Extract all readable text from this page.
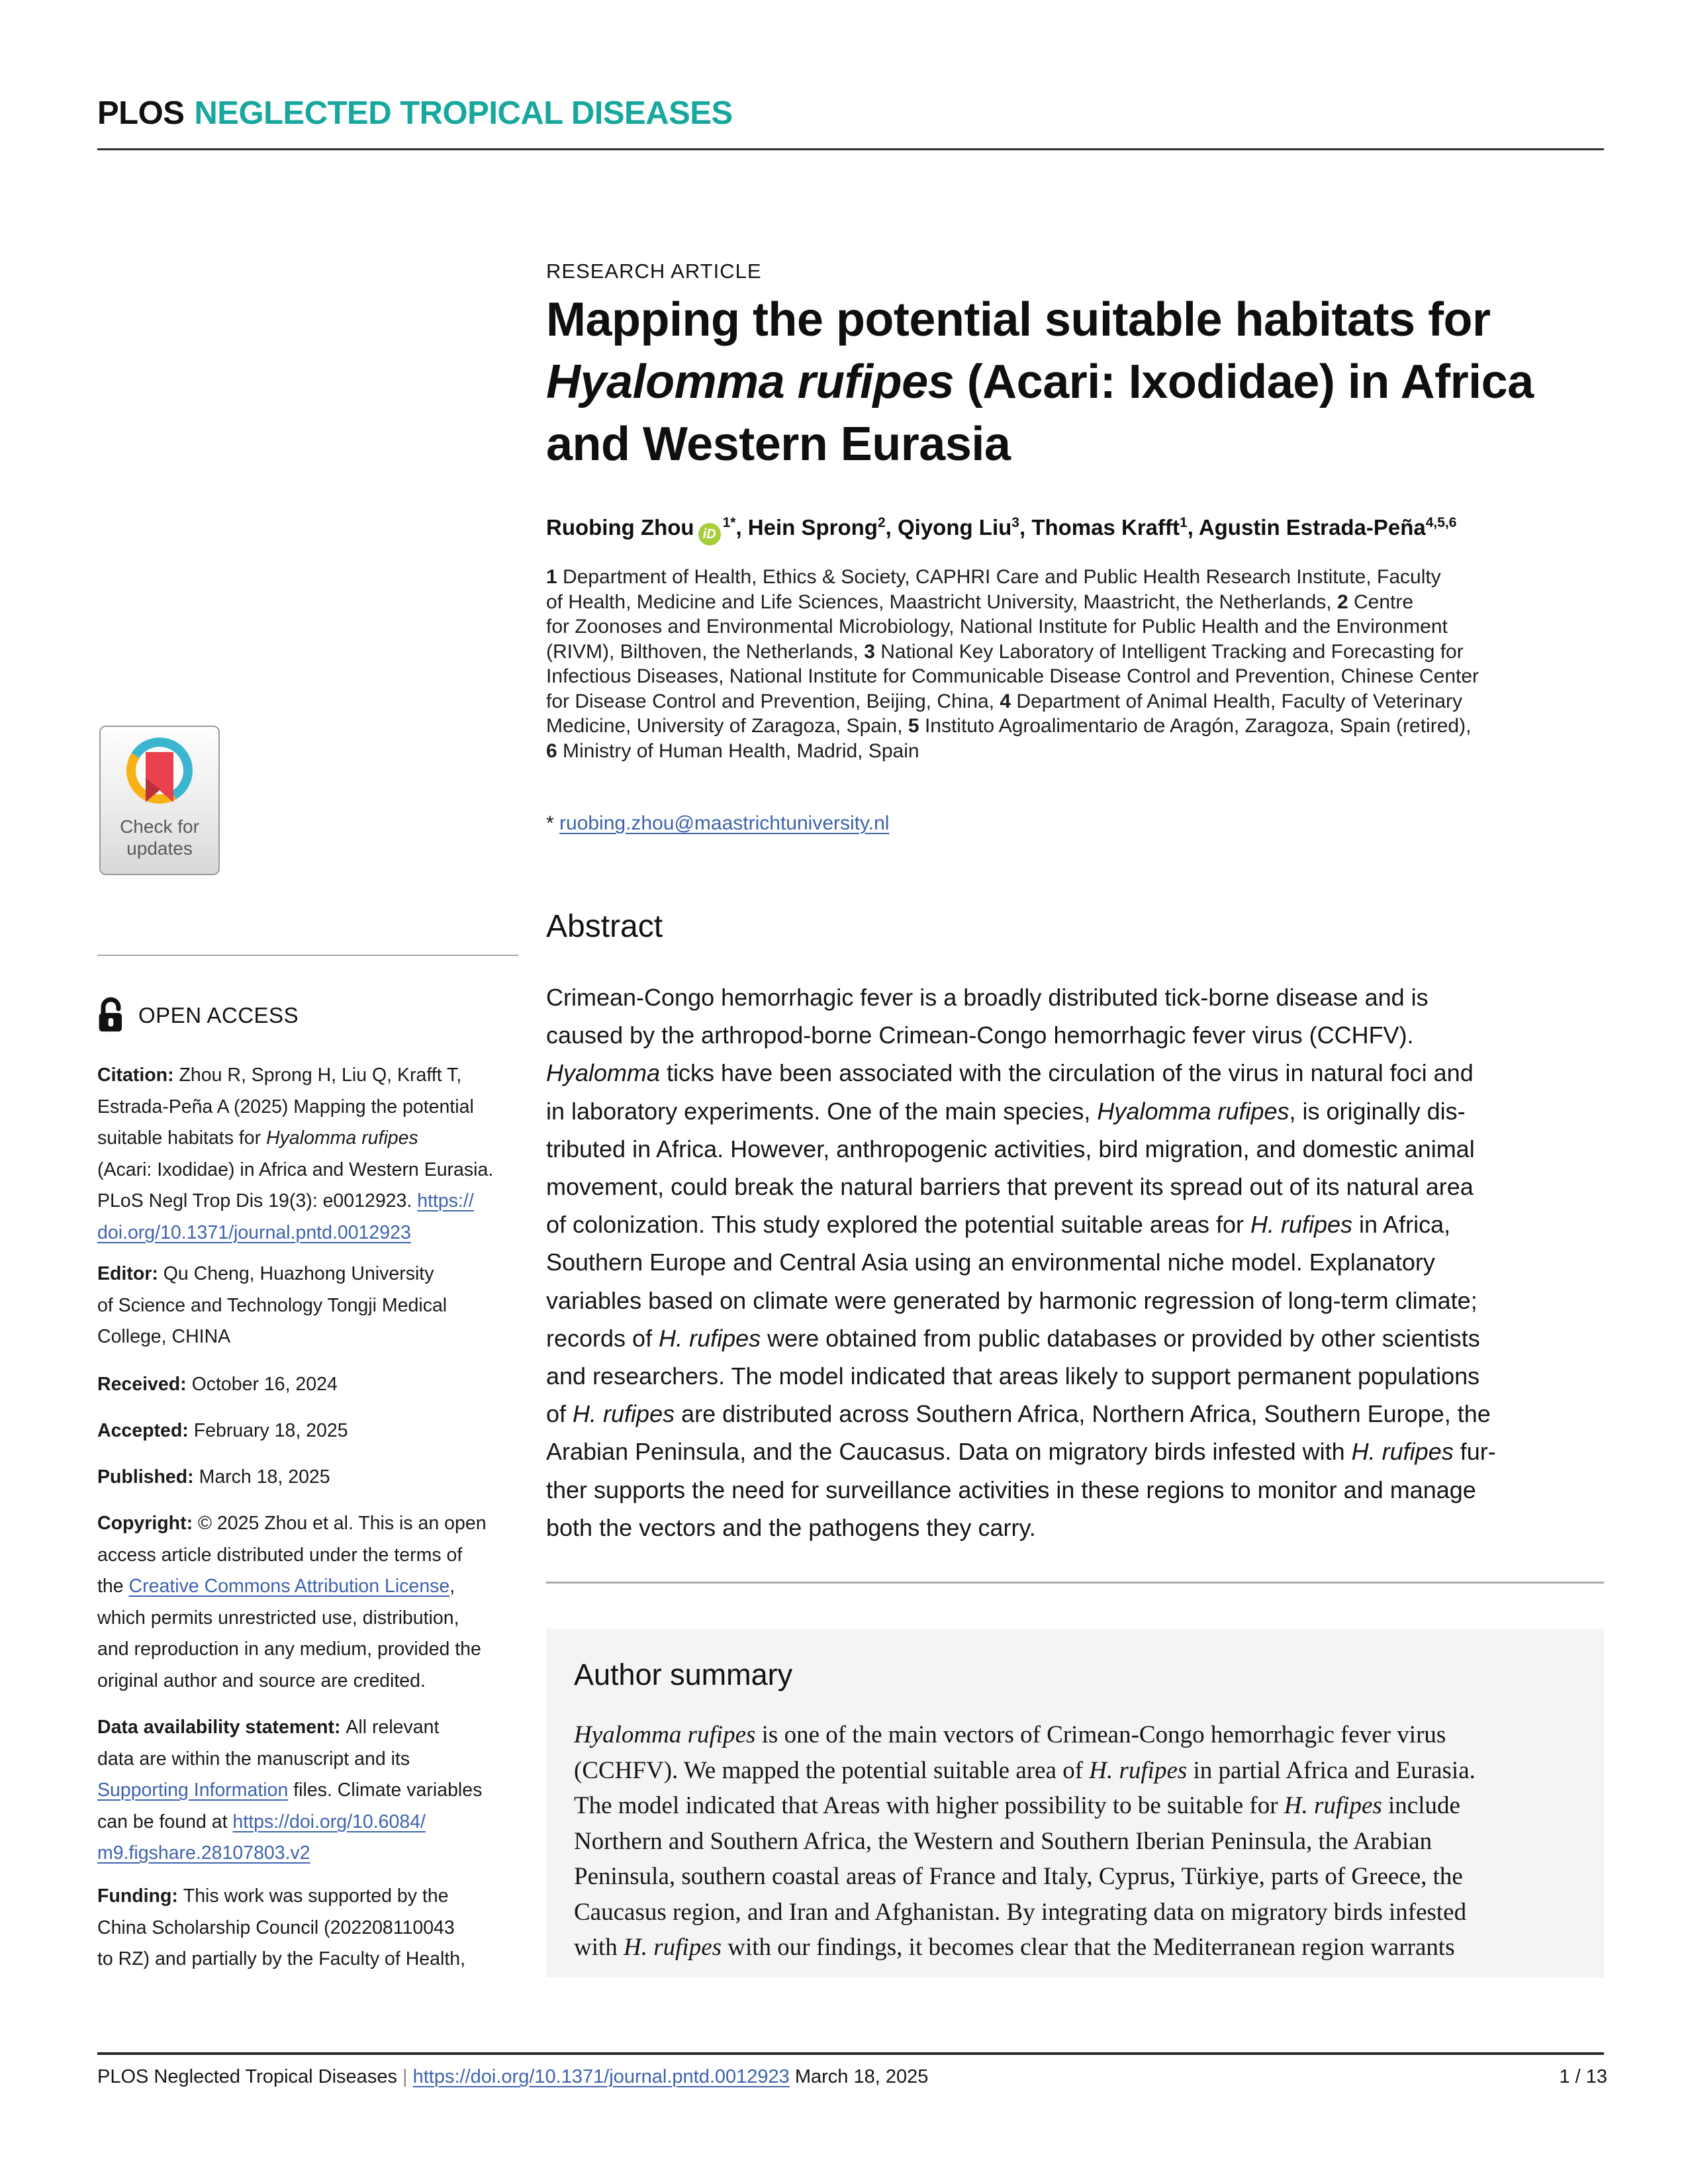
PLOS NEGLECTED TROPICAL DISEASES
Check for
updates
OPEN ACCESS
Citation: Zhou R, Sprong H, Liu Q, Krafft T,
Estrada-Peña A (2025) Mapping the potential
suitable habitats for Hyalomma rufipes
(Acari: Ixodidae) in Africa and Western Eurasia.
PLoS Negl Trop Dis 19(3): e0012923. https://
doi.org/10.1371/journal.pntd.0012923
Editor: Qu Cheng, Huazhong University
of Science and Technology Tongji Medical
College, CHINA
Received: October 16, 2024
Accepted: February 18, 2025
Published: March 18, 2025
Copyright: © 2025 Zhou et al. This is an open
access article distributed under the terms of
the Creative Commons Attribution License,
which permits unrestricted use, distribution,
and reproduction in any medium, provided the
original author and source are credited.
Data availability statement: All relevant
data are within the manuscript and its
Supporting Information files. Climate variables
can be found at https://doi.org/10.6084/
m9.figshare.28107803.v2
Funding: This work was supported by the
China Scholarship Council (202208110043
to RZ) and partially by the Faculty of Health,
RESEARCH ARTICLE
Mapping the potential suitable habitats for
Hyalomma rufipes (Acari: Ixodidae) in Africa
and Western Eurasia
Ruobing Zhou $iD^{1*}$, Hein Sprong$^2$, Qiyong Liu$^3$, Thomas Krafft$^1$, Agustin Estrada-Peña$^{4,5,6}$
1 Department of Health, Ethics & Society, CAPHRI Care and Public Health Research Institute, Faculty
of Health, Medicine and Life Sciences, Maastricht University, Maastricht, the Netherlands, 2 Centre
for Zoonoses and Environmental Microbiology, National Institute for Public Health and the Environment
(RIVM), Bilthoven, the Netherlands, 3 National Key Laboratory of Intelligent Tracking and Forecasting for
Infectious Diseases, National Institute for Communicable Disease Control and Prevention, Chinese Center
for Disease Control and Prevention, Beijing, China, 4 Department of Animal Health, Faculty of Veterinary
Medicine, University of Zaragoza, Spain, 5 Instituto Agroalimentario de Aragón, Zaragoza, Spain (retired),
6 Ministry of Human Health, Madrid, Spain
* ruobing.zhou@maastrichtuniversity.nl
Abstract
Crimean-Congo hemorrhagic fever is a broadly distributed tick-borne disease and is
caused by the arthropod-borne Crimean-Congo hemorrhagic fever virus (CCHFV).
Hyalomma ticks have been associated with the circulation of the virus in natural foci and
in laboratory experiments. One of the main species, Hyalomma rufipes, is originally dis-
tributed in Africa. However, anthropogenic activities, bird migration, and domestic animal
movement, could break the natural barriers that prevent its spread out of its natural area
of colonization. This study explored the potential suitable areas for H. rufipes in Africa,
Southern Europe and Central Asia using an environmental niche model. Explanatory
variables based on climate were generated by harmonic regression of long-term climate;
records of H. rufipes were obtained from public databases or provided by other scientists
and researchers. The model indicated that areas likely to support permanent populations
of H. rufipes are distributed across Southern Africa, Northern Africa, Southern Europe, the
Arabian Peninsula, and the Caucasus. Data on migratory birds infested with H. rufipes fur-
ther supports the need for surveillance activities in these regions to monitor and manage
both the vectors and the pathogens they carry.
Author summary
Hyalomma rufipes is one of the main vectors of Crimean-Congo hemorrhagic fever virus
(CCHFV). We mapped the potential suitable area of H. rufipes in partial Africa and Eurasia.
The model indicated that Areas with higher possibility to be suitable for H. rufipes include
Northern and Southern Africa, the Western and Southern Iberian Peninsula, the Arabian
Peninsula, southern coastal areas of France and Italy, Cyprus, Türkiye, parts of Greece, the
Caucasus region, and Iran and Afghanistan. By integrating data on migratory birds infested
with H. rufipes with our findings, it becomes clear that the Mediterranean region warrants
PLOS Neglected Tropical Diseases | https://doi.org/10.1371/journal.pntd.0012923 March 18, 2025	1 / 13
